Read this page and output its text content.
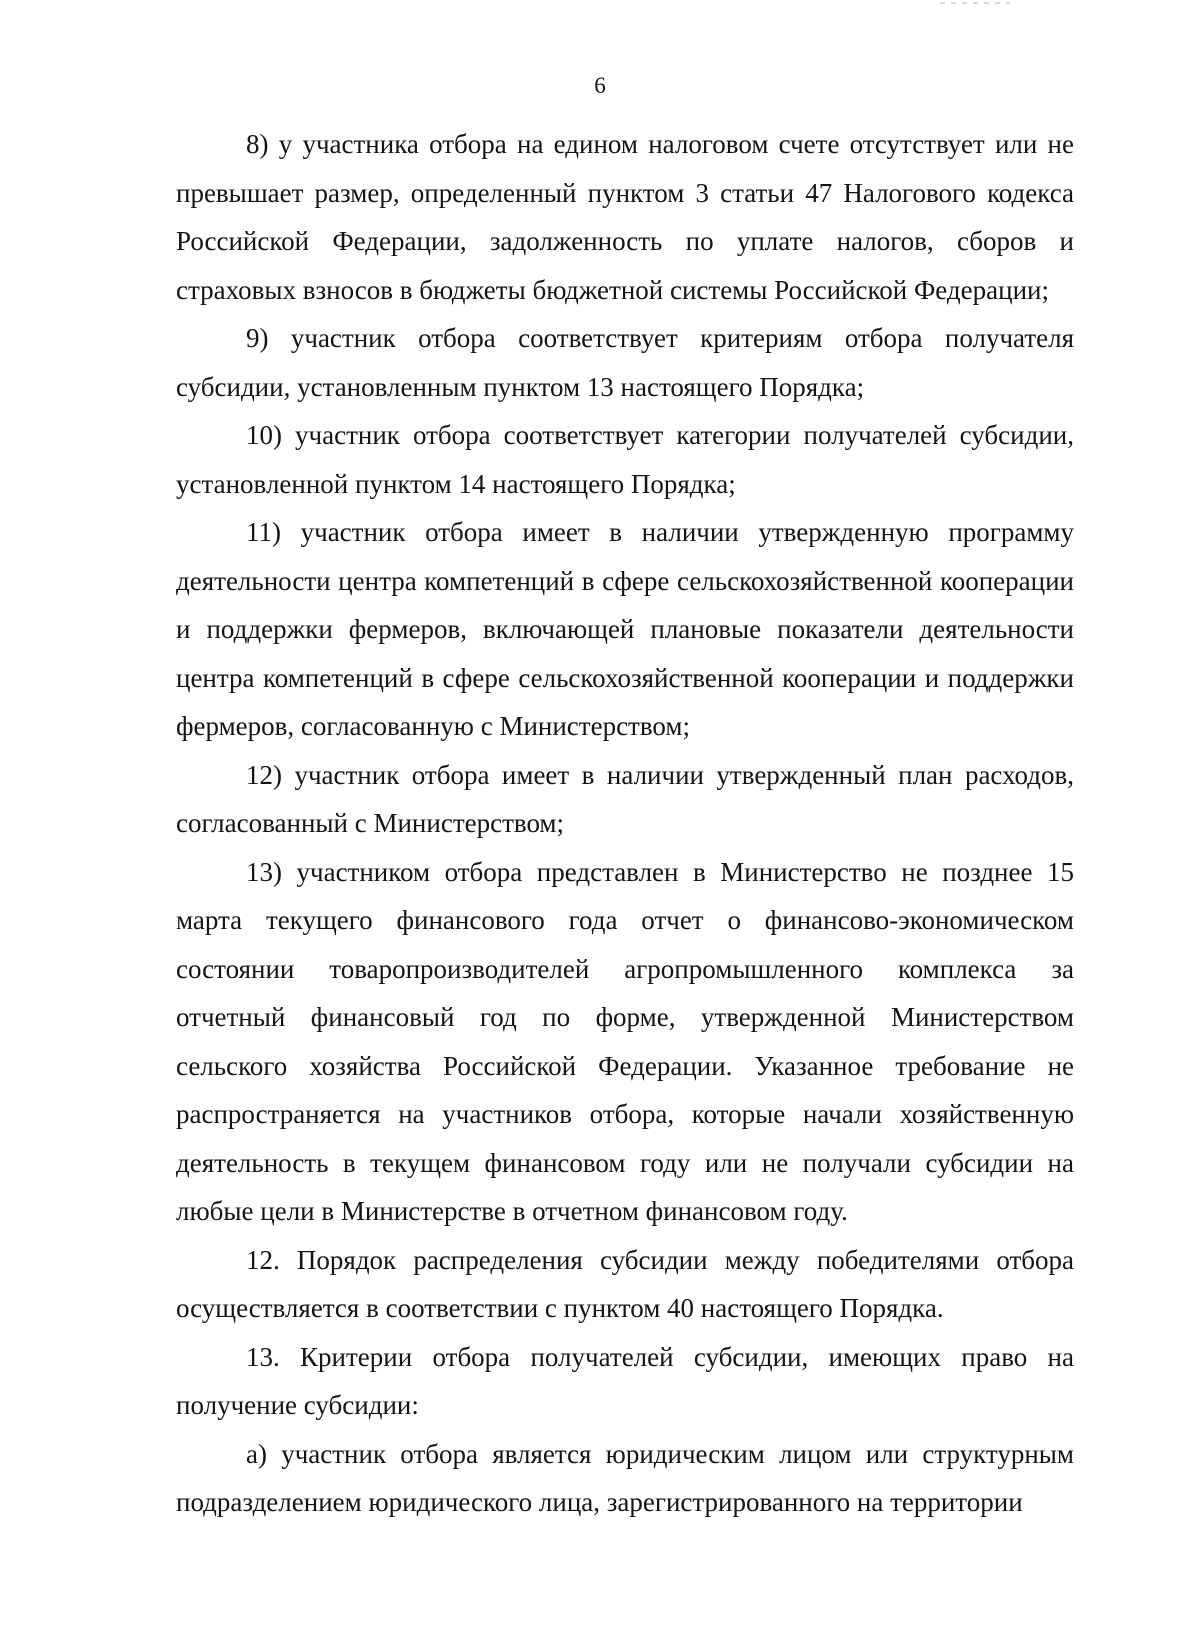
6

8) у участника отбора на едином налоговом счете отсутствует или не превышает размер, определенный пунктом 3 статьи 47 Налогового кодекса Российской Федерации, задолженность по уплате налогов, сборов и страховых взносов в бюджеты бюджетной системы Российской Федерации;

9) участник отбора соответствует критериям отбора получателя субсидии, установленным пунктом 13 настоящего Порядка;

10) участник отбора соответствует категории получателей субсидии, установленной пунктом 14 настоящего Порядка;

11) участник отбора имеет в наличии утвержденную программу деятельности центра компетенций в сфере сельскохозяйственной кооперации и поддержки фермеров, включающей плановые показатели деятельности центра компетенций в сфере сельскохозяйственной кооперации и поддержки фермеров, согласованную с Министерством;

12) участник отбора имеет в наличии утвержденный план расходов, согласованный с Министерством;

13) участником отбора представлен в Министерство не позднее 15 марта текущего финансового года отчет о финансово-экономическом состоянии товаропроизводителей агропромышленного комплекса за отчетный финансовый год по форме, утвержденной Министерством сельского хозяйства Российской Федерации. Указанное требование не распространяется на участников отбора, которые начали хозяйственную деятельность в текущем финансовом году или не получали субсидии на любые цели в Министерстве в отчетном финансовом году.

12. Порядок распределения субсидии между победителями отбора осуществляется в соответствии с пунктом 40 настоящего Порядка.

13. Критерии отбора получателей субсидии, имеющих право на получение субсидии:

а) участник отбора является юридическим лицом или структурным подразделением юридического лица, зарегистрированного на территории
